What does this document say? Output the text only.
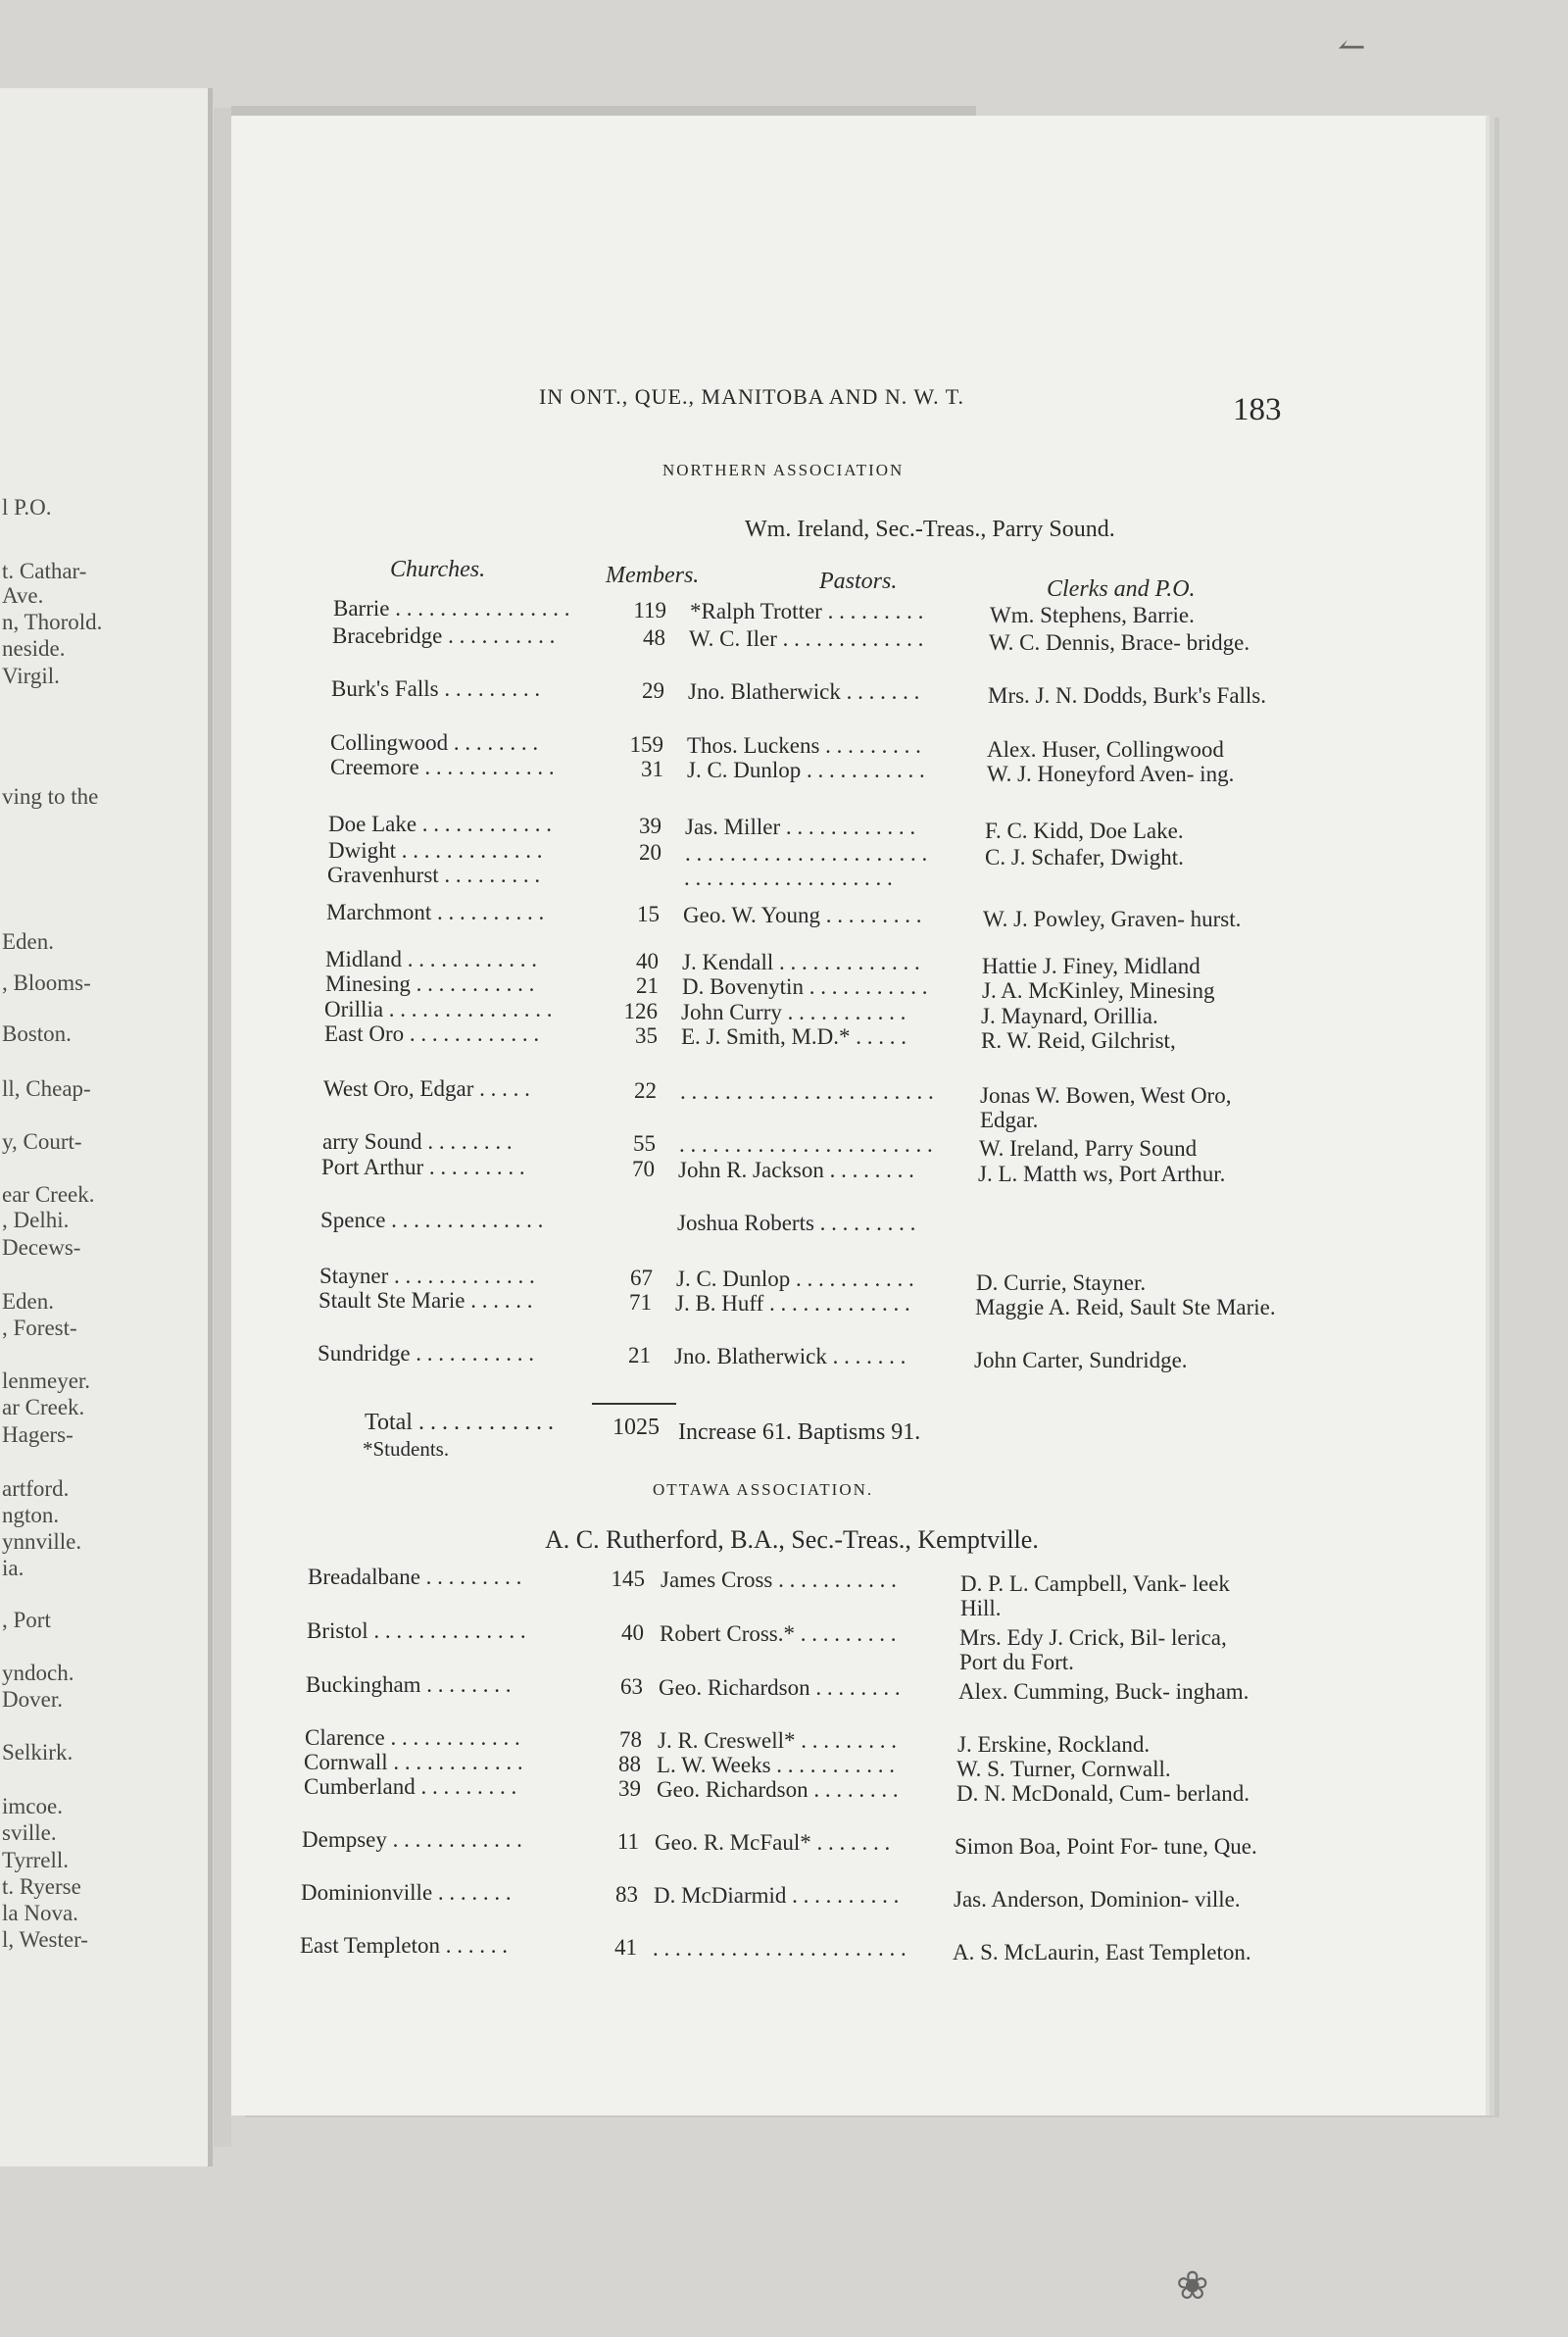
l P.O.
t. Cathar-
Ave.
n, Thorold.
neside.
Virgil.
ving to the
Eden.
, Blooms-
Boston.
ll, Cheap-
y, Court-
ear Creek.
, Delhi.
Decews-
Eden.
, Forest-
lenmeyer.
ar Creek.
Hagers-
artford.
ngton.
ynnville.
ia.
, Port
yndoch.
Dover.
Selkirk.
imcoe.
sville.
Tyrrell.
t. Ryerse
la Nova.
l, Wester-
↼
❀
IN ONT., QUE., MANITOBA AND N. W. T.	183
NORTHERN ASSOCIATION
Wm. Ireland, Sec.-Treas., Parry Sound.
Churches.	Members.	Pastors.	Clerks and P.O.
Barrie . . . . . . . . . . . . . . . .	119 *Ralph Trotter . . . . . . . . .	Wm. Stephens, Barrie.
Bracebridge . . . . . . . . . .	48 W. C. Iler . . . . . . . . . . . . .	W. C. Dennis, Brace- bridge.
Burk's Falls . . . . . . . . .	29 Jno. Blatherwick . . . . . . .	Mrs. J. N. Dodds, Burk's Falls.
Collingwood . . . . . . . .	159 Thos. Luckens . . . . . . . . .	Alex. Huser, Collingwood
Creemore . . . . . . . . . . . .	31 J. C. Dunlop . . . . . . . . . . .	W. J. Honeyford Aven- ing.
Doe Lake . . . . . . . . . . . .	39 Jas. Miller . . . . . . . . . . . .	F. C. Kidd, Doe Lake.
Dwight . . . . . . . . . . . . .	20 . . . . . . . . . . . . . . . . . . . . . .	C. J. Schafer, Dwight.
Gravenhurst . . . . . . . . .	. . . . . . . . . . . . . . . . . . .
Marchmont . . . . . . . . . .	15 Geo. W. Young . . . . . . . . .	W. J. Powley, Graven- hurst.
Midland . . . . . . . . . . . .	40 J. Kendall . . . . . . . . . . . . .	Hattie J. Finey, Midland
Minesing . . . . . . . . . . .	21 D. Bovenytin . . . . . . . . . . . J. A. McKinley, Minesing
Orillia . . . . . . . . . . . . . . .	126 John Curry . . . . . . . . . . .	J. Maynard, Orillia.
East Oro . . . . . . . . . . . .	35 E. J. Smith, M.D.* . . . . .	R. W. Reid, Gilchrist,
West Oro, Edgar . . . . .	22 . . . . . . . . . . . . . . . . . . . . . . . Jonas W. Bowen, West Oro, Edgar.
arry Sound . . . . . . . .	55 . . . . . . . . . . . . . . . . . . . . . . . W. Ireland, Parry Sound
Port Arthur . . . . . . . . .	70 John R. Jackson . . . . . . . .	J. L. Matth ws, Port Arthur.
Spence . . . . . . . . . . . . . .	Joshua Roberts . . . . . . . . .
Stayner . . . . . . . . . . . . .	67 J. C. Dunlop . . . . . . . . . . .	D. Currie, Stayner.
Stault Ste Marie . . . . . .	71 J. B. Huff . . . . . . . . . . . . .	Maggie A. Reid, Sault Ste Marie.
Sundridge . . . . . . . . . . .	21 Jno. Blatherwick . . . . . . .	John Carter, Sundridge.
Total . . . . . . . . . . . .	1025 Increase 61. Baptisms 91.
*Students.
OTTAWA ASSOCIATION.
A. C. Rutherford, B.A., Sec.-Treas., Kemptville.
Breadalbane . . . . . . . . .	145 James Cross . . . . . . . . . . .	D. P. L. Campbell, Vank- leek Hill.
Bristol . . . . . . . . . . . . . .	40 Robert Cross.* . . . . . . . . .	Mrs. Edy J. Crick, Bil- lerica, Port du Fort.
Buckingham . . . . . . . .	63 Geo. Richardson . . . . . . . .	Alex. Cumming, Buck- ingham.
Clarence . . . . . . . . . . . .	78 J. R. Creswell* . . . . . . . . .	J. Erskine, Rockland.
Cornwall . . . . . . . . . . . .	88 L. W. Weeks . . . . . . . . . . .	W. S. Turner, Cornwall.
Cumberland . . . . . . . . .	39 Geo. Richardson . . . . . . . .	D. N. McDonald, Cum- berland.
Dempsey . . . . . . . . . . . .	11 Geo. R. McFaul* . . . . . . .	Simon Boa, Point For- tune, Que.
Dominionville . . . . . . .	83 D. McDiarmid . . . . . . . . . . Jas. Anderson, Dominion- ville.
East Templeton . . . . . .	41 . . . . . . . . . . . . . . . . . . . . . . . A. S. McLaurin, East Templeton.
